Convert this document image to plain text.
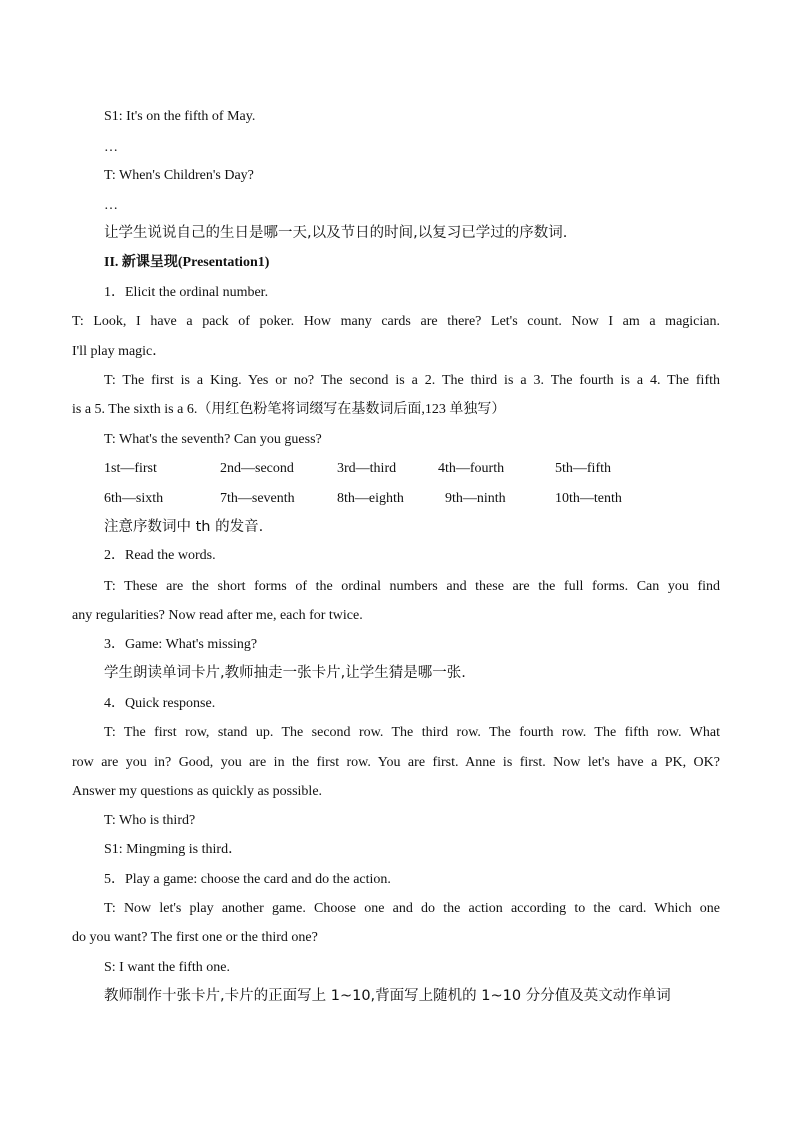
S1: It's on the fifth of May.
…
T: When's Children's Day?
…
让学生说说自己的生日是哪一天,以及节日的时间,以复习已学过的序数词.
II. 新课呈现(Presentation1)
1．Elicit the ordinal number.
T: Look, I have a pack of poker. How many cards are there? Let's count. Now I am a magician.
I'll play magic．
T: The first is a King. Yes or no? The second is a 2. The third is a 3. The fourth is a 4. The fifth
is a 5. The sixth is a 6.（用红色粉笔将词缀写在基数词后面,123 单独写）
T: What's the seventh? Can you guess?
1st—first	2nd—second	3rd—third	4th—fourth	5th—fifth
6th—sixth	7th—seventh	8th—eighth	9th—ninth	10th—tenth
注意序数词中 th 的发音.
2．Read the words.
T: These are the short forms of the ordinal numbers and these are the full forms. Can you find
any regularities? Now read after me, each for twice.
3．Game: What's missing?
学生朗读单词卡片,教师抽走一张卡片,让学生猜是哪一张.
4．Quick response.
T: The first row, stand up. The second row. The third row. The fourth row. The fifth row. What
row are you in? Good, you are in the first row. You are first. Anne is first. Now let's have a PK, OK?
Answer my questions as quickly as possible.
T: Who is third?
S1: Mingming is third．
5．Play a game: choose the card and do the action.
T: Now let's play another game. Choose one and do the action according to the card. Which one
do you want? The first one or the third one?
S: I want the fifth one.
教师制作十张卡片,卡片的正面写上 1~10,背面写上随机的 1~10 分分值及英文动作单词
